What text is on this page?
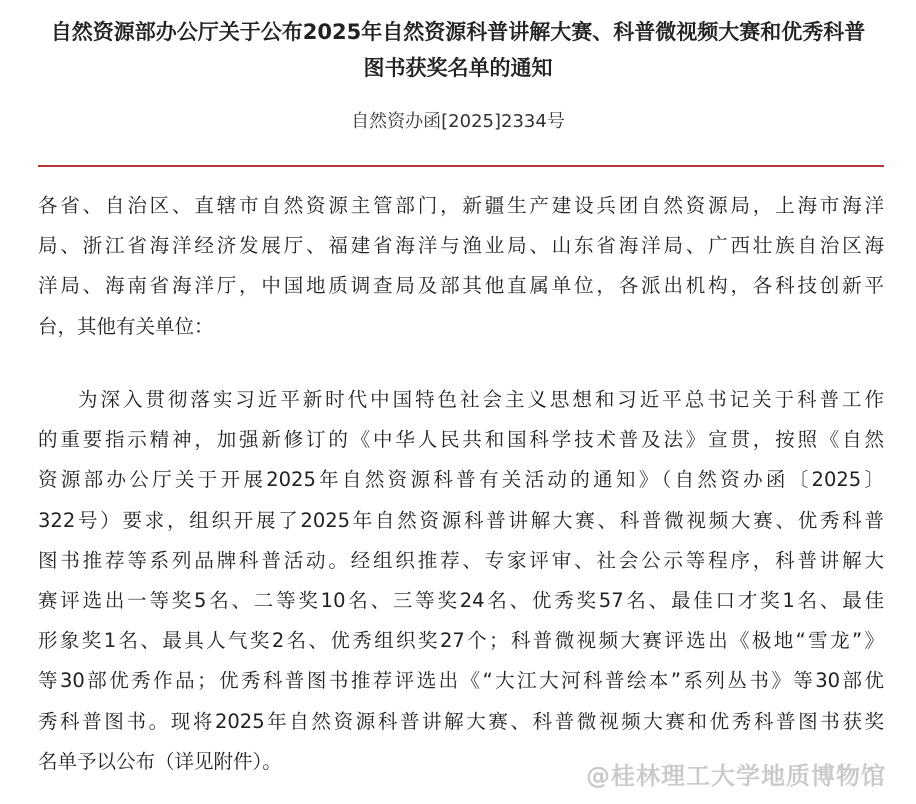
自然资源部办公厅关于公布2025年自然资源科普讲解大赛、科普微视频大赛和优秀科普
图书获奖名单的通知
自然资办函[2025]2334号
各省、自治区、直辖市自然资源主管部门，新疆生产建设兵团自然资源局，上海市海洋
局、浙江省海洋经济发展厅、福建省海洋与渔业局、山东省海洋局、广西壮族自治区海
洋局、海南省海洋厅，中国地质调查局及部其他直属单位，各派出机构，各科技创新平
台，其他有关单位：
为深入贯彻落实习近平新时代中国特色社会主义思想和习近平总书记关于科普工作
的重要指示精神，加强新修订的《中华人民共和国科学技术普及法》宣贯，按照《自然
资源部办公厅关于开展2025年自然资源科普有关活动的通知》（自然资办函〔2025〕
322号）要求，组织开展了2025年自然资源科普讲解大赛、科普微视频大赛、优秀科普
图书推荐等系列品牌科普活动。经组织推荐、专家评审、社会公示等程序，科普讲解大
赛评选出一等奖5名、二等奖10名、三等奖24名、优秀奖57名、最佳口才奖1名、最佳
形象奖1名、最具人气奖2名、优秀组织奖27个；科普微视频大赛评选出《极地“雪龙”》
等30部优秀作品；优秀科普图书推荐评选出《“大江大河科普绘本”系列丛书》等30部优
秀科普图书。现将2025年自然资源科普讲解大赛、科普微视频大赛和优秀科普图书获奖
名单予以公布（详见附件）。
@桂林理工大学地质博物馆
